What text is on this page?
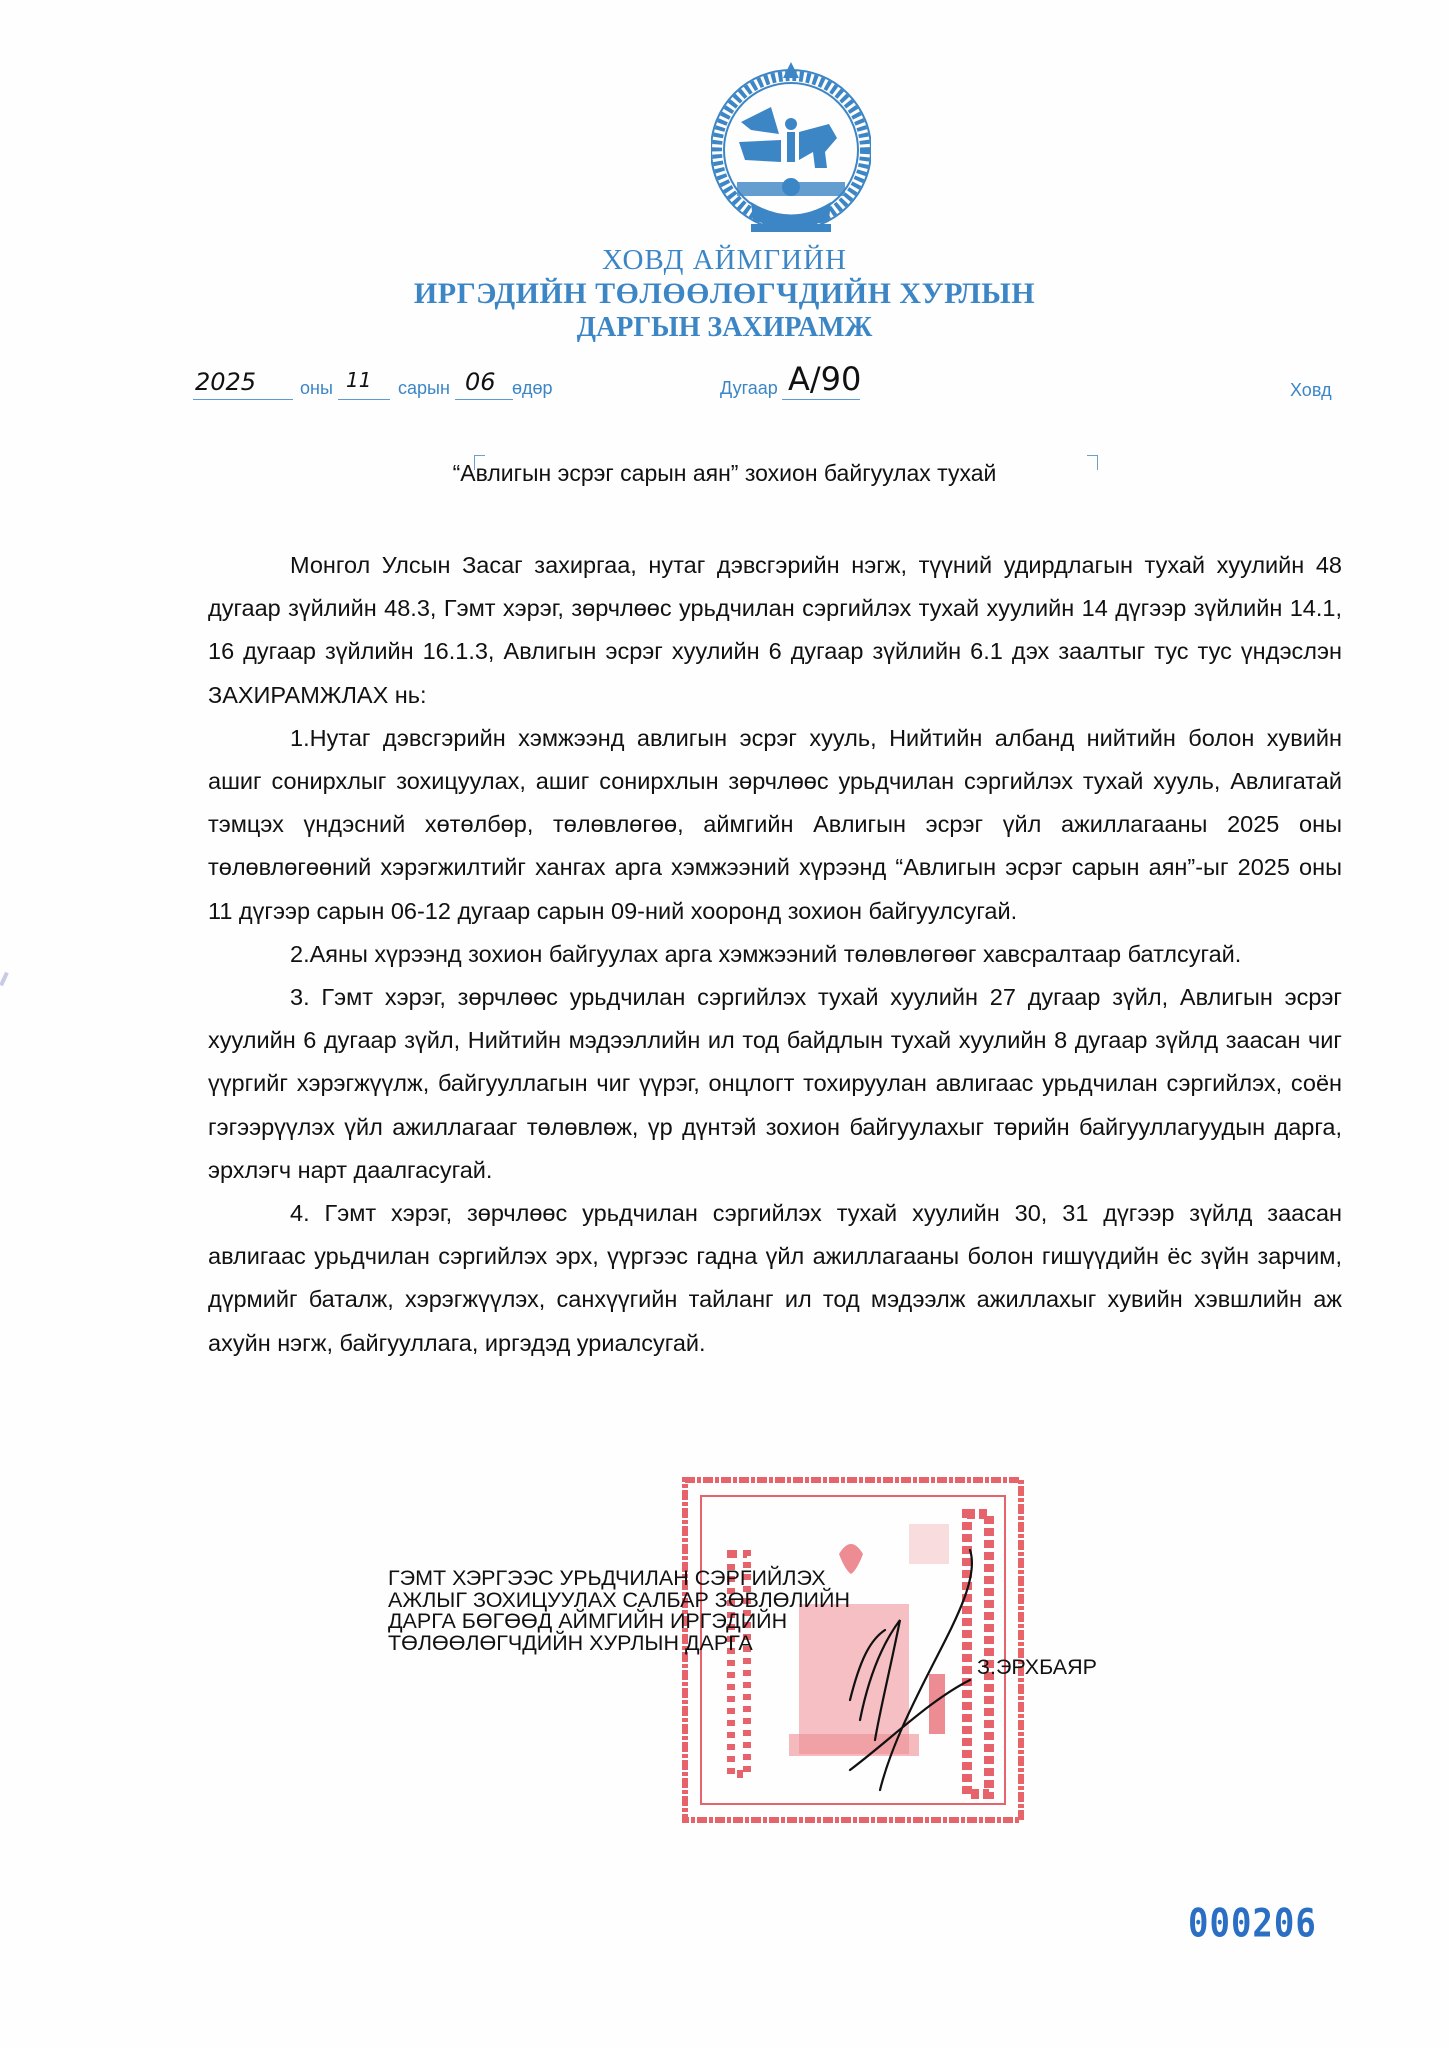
ХОВД АЙМГИЙН
ИРГЭДИЙН ТӨЛӨӨЛӨГЧДИЙН ХУРЛЫН
ДАРГЫН ЗАХИРАМЖ
2025 оны 11 сарын 06 өдөр	Дугаар А/90	Ховд
“Авлигын эсрэг сарын аян” зохион байгуулах тухай

Монгол Улсын Засаг захиргаа, нутаг дэвсгэрийн нэгж, түүний удирдлагын тухай хуулийн 48 дугаар зүйлийн 48.3, Гэмт хэрэг, зөрчлөөс урьдчилан сэргийлэх тухай хуулийн 14 дүгээр зүйлийн 14.1, 16 дугаар зүйлийн 16.1.3, Авлигын эсрэг хуулийн 6 дугаар зүйлийн 6.1 дэх заалтыг тус тус үндэслэн ЗАХИРАМЖЛАХ нь:

1.Нутаг дэвсгэрийн хэмжээнд авлигын эсрэг хууль, Нийтийн албанд нийтийн болон хувийн ашиг сонирхлыг зохицуулах, ашиг сонирхлын зөрчлөөс урьдчилан сэргийлэх тухай хууль, Авлигатай тэмцэх үндэсний хөтөлбөр, төлөвлөгөө, аймгийн Авлигын эсрэг үйл ажиллагааны 2025 оны төлөвлөгөөний хэрэгжилтийг хангах арга хэмжээний хүрээнд “Авлигын эсрэг сарын аян”-ыг 2025 оны 11 дүгээр сарын 06-12 дугаар сарын 09-ний хооронд зохион байгуулсугай.

2.Аяны хүрээнд зохион байгуулах арга хэмжээний төлөвлөгөөг хавсралтаар батлсугай.

3. Гэмт хэрэг, зөрчлөөс урьдчилан сэргийлэх тухай хуулийн 27 дугаар зүйл, Авлигын эсрэг хуулийн 6 дугаар зүйл, Нийтийн мэдээллийн ил тод байдлын тухай хуулийн 8 дугаар зүйлд заасан чиг үүргийг хэрэгжүүлж, байгууллагын чиг үүрэг, онцлогт тохируулан авлигаас урьдчилан сэргийлэх, соён гэгээрүүлэх үйл ажиллагааг төлөвлөж, үр дүнтэй зохион байгуулахыг төрийн байгууллагуудын дарга, эрхлэгч нарт даалгасугай.

4. Гэмт хэрэг, зөрчлөөс урьдчилан сэргийлэх тухай хуулийн 30, 31 дүгээр зүйлд заасан авлигаас урьдчилан сэргийлэх эрх, үүргээс гадна үйл ажиллагааны болон гишүүдийн ёс зүйн зарчим, дүрмийг баталж, хэрэгжүүлэх, санхүүгийн тайланг ил тод мэдээлж ажиллахыг хувийн хэвшлийн аж ахуйн нэгж, байгууллага, иргэдэд уриалсугай.

ГЭМТ ХЭРГЭЭС УРЬДЧИЛАН СЭРГИЙЛЭХ
АЖЛЫГ ЗОХИЦУУЛАХ САЛБАР ЗӨВЛӨЛИЙН
ДАРГА БӨГӨӨД АЙМГИЙН ИРГЭДИЙН
ТӨЛӨӨЛӨГЧДИЙН ХУРЛЫН ДАРГА
З.ЭРХБАЯР
000206
